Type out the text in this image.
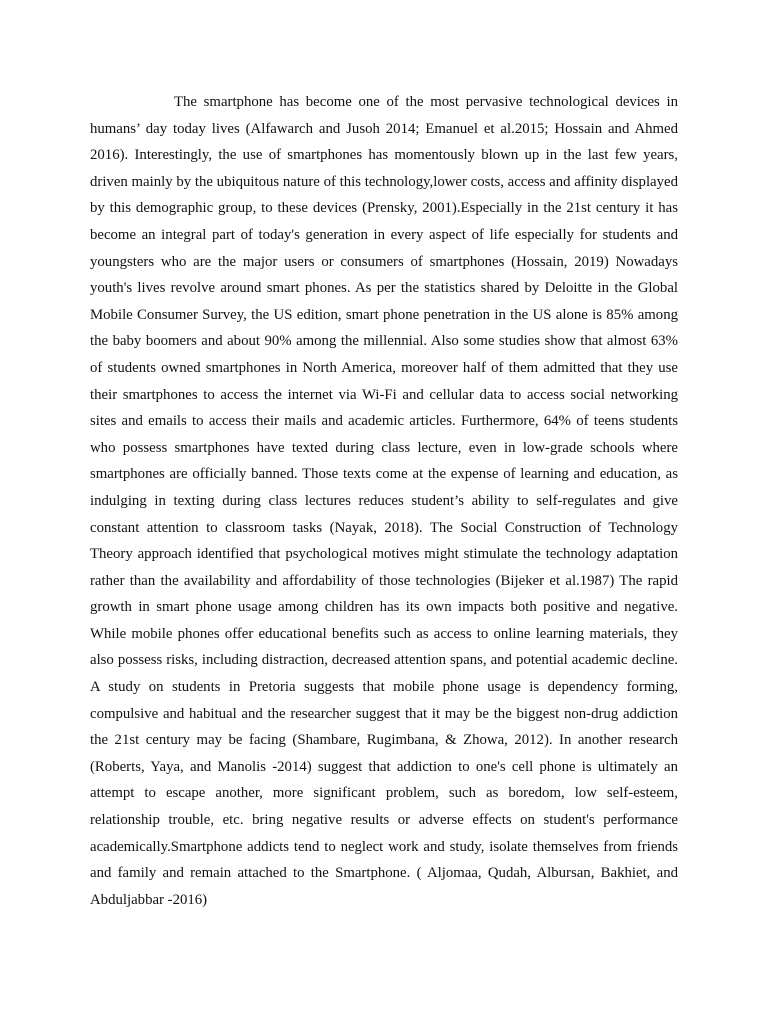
The smartphone has become one of the most pervasive technological devices in humans’ day today lives (Alfawarch and Jusoh 2014; Emanuel et al.2015; Hossain and Ahmed 2016). Interestingly, the use of smartphones has momentously blown up in the last few years, driven mainly by the ubiquitous nature of this technology,lower costs, access and affinity displayed by this demographic group, to these devices (Prensky, 2001).Especially in the 21st century it has become an integral part of today's generation in every aspect of life especially for students and youngsters who are the major users or consumers of smartphones (Hossain, 2019) Nowadays youth's lives revolve around smart phones. As per the statistics shared by Deloitte in the Global Mobile Consumer Survey, the US edition, smart phone penetration in the US alone is 85% among the baby boomers and about 90% among the millennial. Also some studies show that almost 63% of students owned smartphones in North America, moreover half of them admitted that they use their smartphones to access the internet via Wi-Fi and cellular data to access social networking sites and emails to access their mails and academic articles. Furthermore, 64% of teens students who possess smartphones have texted during class lecture, even in low-grade schools where smartphones are officially banned. Those texts come at the expense of learning and education, as indulging in texting during class lectures reduces student’s ability to self-regulates and give constant attention to classroom tasks (Nayak, 2018). The Social Construction of Technology Theory approach identified that psychological motives might stimulate the technology adaptation rather than the availability and affordability of those technologies (Bijeker et al.1987) The rapid growth in smart phone usage among children has its own impacts both positive and negative. While mobile phones offer educational benefits such as access to online learning materials, they also possess risks, including distraction, decreased attention spans, and potential academic decline. A study on students in Pretoria suggests that mobile phone usage is dependency forming, compulsive and habitual and the researcher suggest that it may be the biggest non-drug addiction the 21st century may be facing (Shambare, Rugimbana, & Zhowa, 2012). In another research (Roberts, Yaya, and Manolis -2014) suggest that addiction to one's cell phone is ultimately an attempt to escape another, more significant problem, such as boredom, low self-esteem, relationship trouble, etc. bring negative results or adverse effects on student's performance academically.Smartphone addicts tend to neglect work and study, isolate themselves from friends and family and remain attached to the Smartphone. ( Aljomaa, Qudah, Albursan, Bakhiet, and Abduljabbar -2016)
